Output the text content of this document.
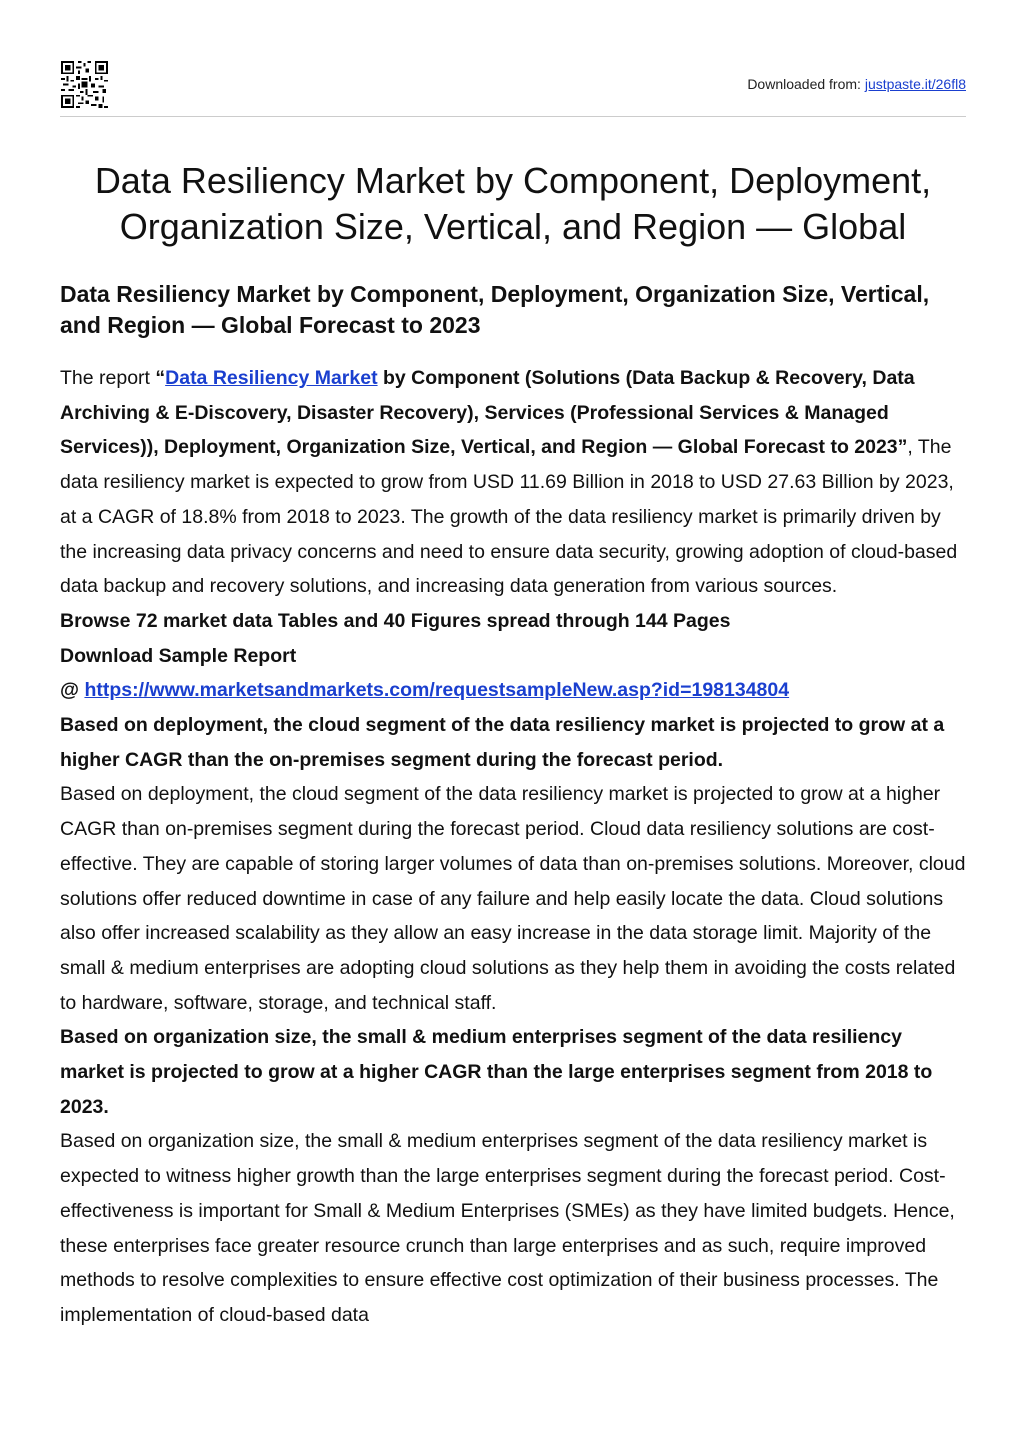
Downloaded from: justpaste.it/26fl8
Data Resiliency Market by Component, Deployment, Organization Size, Vertical, and Region — Global
Data Resiliency Market by Component, Deployment, Organization Size, Vertical, and Region — Global Forecast to 2023

The report “Data Resiliency Market by Component (Solutions (Data Backup & Recovery, Data Archiving & E-Discovery, Disaster Recovery), Services (Professional Services & Managed Services)), Deployment, Organization Size, Vertical, and Region — Global Forecast to 2023”, The data resiliency market is expected to grow from USD 11.69 Billion in 2018 to USD 27.63 Billion by 2023, at a CAGR of 18.8% from 2018 to 2023. The growth of the data resiliency market is primarily driven by the increasing data privacy concerns and need to ensure data security, growing adoption of cloud-based data backup and recovery solutions, and increasing data generation from various sources.

Browse 72 market data Tables and 40 Figures spread through 144 Pages

Download Sample Report

@ https://www.marketsandmarkets.com/requestsampleNew.asp?id=198134804

Based on deployment, the cloud segment of the data resiliency market is projected to grow at a higher CAGR than the on-premises segment during the forecast period.

Based on deployment, the cloud segment of the data resiliency market is projected to grow at a higher CAGR than on-premises segment during the forecast period. Cloud data resiliency solutions are cost-effective. They are capable of storing larger volumes of data than on-premises solutions. Moreover, cloud solutions offer reduced downtime in case of any failure and help easily locate the data. Cloud solutions also offer increased scalability as they allow an easy increase in the data storage limit. Majority of the small & medium enterprises are adopting cloud solutions as they help them in avoiding the costs related to hardware, software, storage, and technical staff.

Based on organization size, the small & medium enterprises segment of the data resiliency market is projected to grow at a higher CAGR than the large enterprises segment from 2018 to 2023.

Based on organization size, the small & medium enterprises segment of the data resiliency market is expected to witness higher growth than the large enterprises segment during the forecast period. Cost-effectiveness is important for Small & Medium Enterprises (SMEs) as they have limited budgets. Hence, these enterprises face greater resource crunch than large enterprises and as such, require improved methods to resolve complexities to ensure effective cost optimization of their business processes. The implementation of cloud-based data
